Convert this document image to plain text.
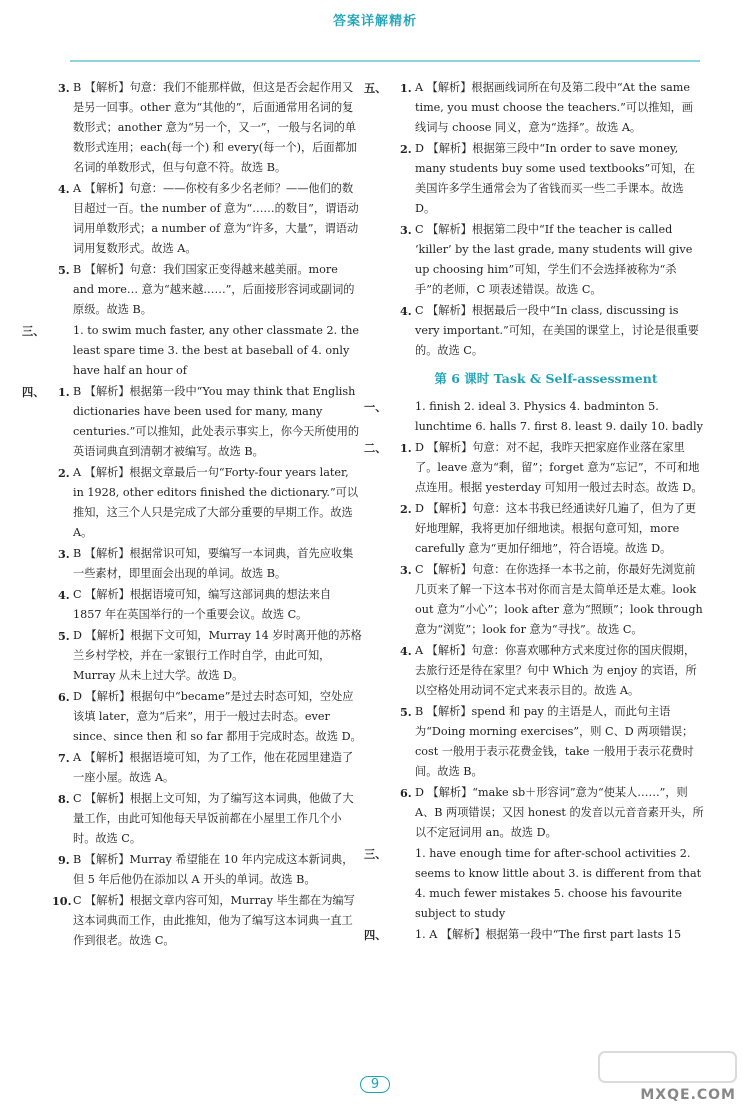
答案详解精析
3. B 【解析】句意：我们不能那样做，但这是否会起作用又是另一回事。other 意为“其他的”，后面通常用名词的复数形式；another 意为“另一个，又一”，一般与名词的单数形式连用；each(每一个) 和 every(每一个)，后面都加名词的单数形式，但与句意不符。故选 B。
4. A 【解析】句意：——你校有多少名老师？——他们的数目超过一百。the number of 意为“……的数目”，谓语动词用单数形式；a number of 意为“许多，大量”，谓语动词用复数形式。故选 A。
5. B 【解析】句意：我们国家正变得越来越美丽。more and more… 意为“越来越……”，后面接形容词或副词的原级。故选 B。
三、	1. to swim much faster, any other classmate 2. the least spare time 3. the best at baseball of 4. only have half an hour of
四、 1. B 【解析】根据第一段中“You may think that English dictionaries have been used for many, many centuries.”可以推知，此处表示事实上，你今天所使用的英语词典直到清朝才被编写。故选 B。
2. A 【解析】根据文章最后一句“Forty-four years later, in 1928, other editors finished the dictionary.”可以推知，这三个人只是完成了大部分重要的早期工作。故选 A。
3. B 【解析】根据常识可知，要编写一本词典，首先应收集一些素材，即里面会出现的单词。故选 B。
4. C 【解析】根据语境可知，编写这部词典的想法来自 1857 年在英国举行的一个重要会议。故选 C。
5. D 【解析】根据下文可知，Murray 14 岁时离开他的苏格兰乡村学校，并在一家银行工作时自学，由此可知，Murray 从未上过大学。故选 D。
6. D 【解析】根据句中“became”是过去时态可知，空处应该填 later，意为“后来”，用于一般过去时态。ever since、since then 和 so far 都用于完成时态。故选 D。
7. A 【解析】根据语境可知，为了工作，他在花园里建造了一座小屋。故选 A。
8. C 【解析】根据上文可知，为了编写这本词典，他做了大量工作，由此可知他每天早饭前都在小屋里工作几个小时。故选 C。
9. B 【解析】Murray 希望能在 10 年内完成这本新词典，但 5 年后他仍在添加以 A 开头的单词。故选 B。
10. C 【解析】根据文章内容可知，Murray 毕生都在为编写这本词典而工作，由此推知，他为了编写这本词典一直工作到很老。故选 C。
五、 1. A 【解析】根据画线词所在句及第二段中“At the same time, you must choose the teachers.”可以推知，画线词与 choose 同义，意为“选择”。故选 A。
2. D 【解析】根据第三段中“In order to save money, many students buy some used textbooks”可知，在美国许多学生通常会为了省钱而买一些二手课本。故选 D。
3. C 【解析】根据第二段中“If the teacher is called ‘killer’ by the last grade, many students will give up choosing him”可知，学生们不会选择被称为“杀手”的老师，C 项表述错误。故选 C。
4. C 【解析】根据最后一段中“In class, discussing is very important.”可知，在美国的课堂上，讨论是很重要的。故选 C。
第 6 课时 Task & Self-assessment
一、	1. finish 2. ideal 3. Physics 4. badminton 5. lunchtime 6. halls 7. first 8. least 9. daily 10. badly
二、 1. D 【解析】句意：对不起，我昨天把家庭作业落在家里了。leave 意为“剩，留”；forget 意为“忘记”，不可和地点连用。根据 yesterday 可知用一般过去时态。故选 D。
2. D 【解析】句意：这本书我已经通读好几遍了，但为了更好地理解，我将更加仔细地读。根据句意可知，more carefully 意为“更加仔细地”，符合语境。故选 D。
3. C 【解析】句意：在你选择一本书之前，你最好先浏览前几页来了解一下这本书对你而言是太简单还是太难。look out 意为“小心”；look after 意为“照顾”；look through 意为“浏览”；look for 意为“寻找”。故选 C。
4. A 【解析】句意：你喜欢哪种方式来度过你的国庆假期，去旅行还是待在家里？句中 Which 为 enjoy 的宾语，所以空格处用动词不定式来表示目的。故选 A。
5. B 【解析】spend 和 pay 的主语是人，而此句主语为“Doing morning exercises”，则 C、D 两项错误；cost 一般用于表示花费金钱，take 一般用于表示花费时间。故选 B。
6. D 【解析】“make sb＋形容词”意为“使某人……”，则 A、B 两项错误；又因 honest 的发音以元音音素开头，所以不定冠词用 an。故选 D。
三、	1. have enough time for after-school activities 2. seems to know little about 3. is different from that 4. much fewer mistakes 5. choose his favourite subject to study
四、	1. A 【解析】根据第一段中“The first part lasts 15
9
MXQE.COM
